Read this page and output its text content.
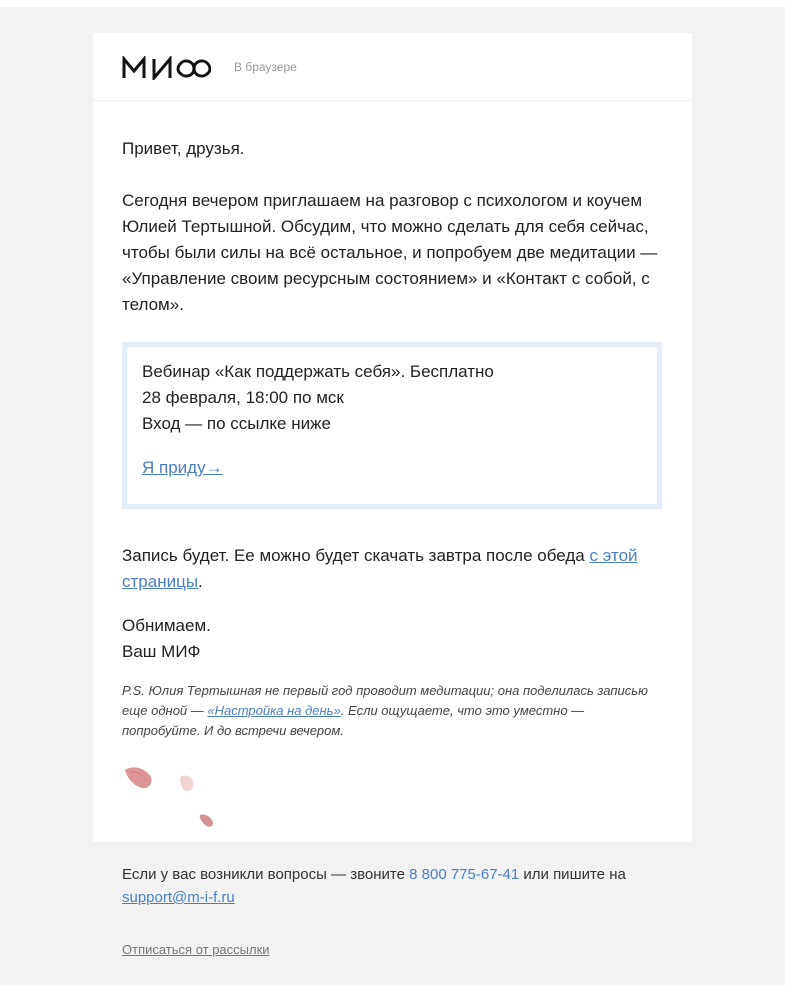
В браузере

Привет, друзья.

Сегодня вечером приглашаем на разговор с психологом и коучем Юлией Тертышной. Обсудим, что можно сделать для себя сейчас, чтобы были силы на всё остальное, и попробуем две медитации — «Управление своим ресурсным состоянием» и «Контакт с собой, с телом».

Вебинар «Как поддержать себя». Бесплатно
28 февраля, 18:00 по мск
Вход — по ссылке ниже
Я приду→

Запись будет. Ее можно будет скачать завтра после обеда с этой страницы.

Обнимаем.
Ваш МИФ

P.S. Юлия Тертышная не первый год проводит медитации; она поделилась записью еще одной — «Настройка на день». Если ощущаете, что это уместно — попробуйте. И до встречи вечером.

Если у вас возникли вопросы — звоните 8 800 775-67-41 или пишите на support@m-i-f.ru
Отписаться от рассылки
